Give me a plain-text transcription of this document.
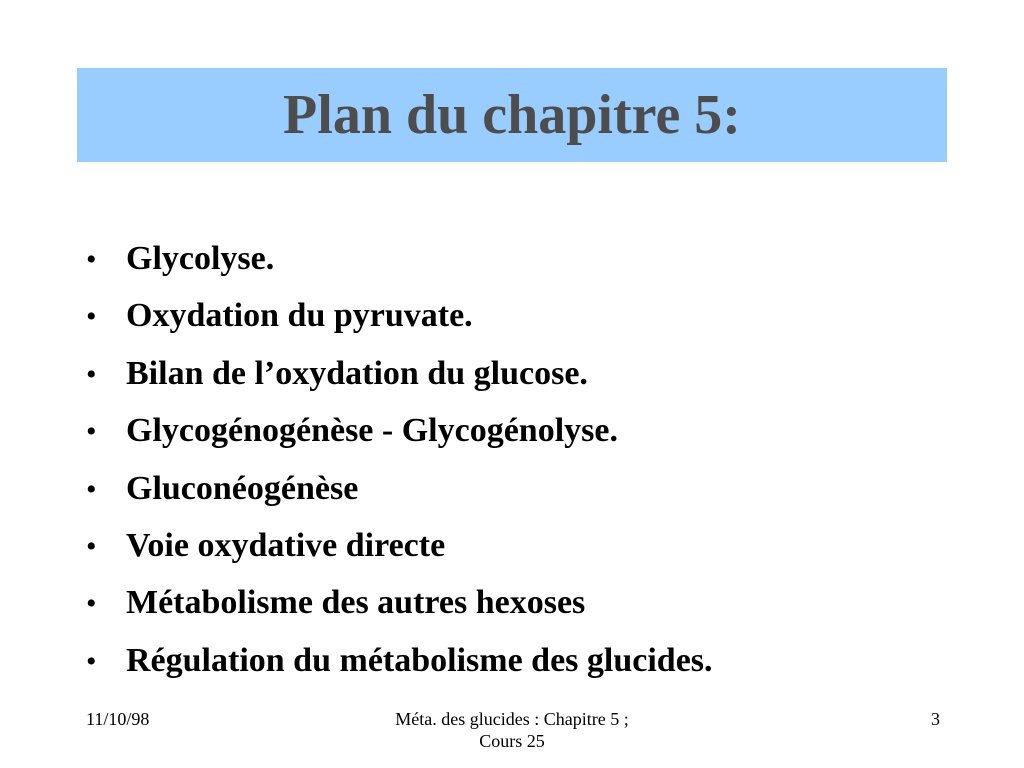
Plan du chapitre 5:
• Glycolyse.
• Oxydation du pyruvate.
• Bilan de l’oxydation du glucose.
• Glycogénogénèse - Glycogénolyse.
• Gluconéogénèse
• Voie oxydative directe
• Métabolisme des autres hexoses
• Régulation du métabolisme des glucides.
11/10/98	Méta. des glucides : Chapitre 5 ;
Cours 25
3
